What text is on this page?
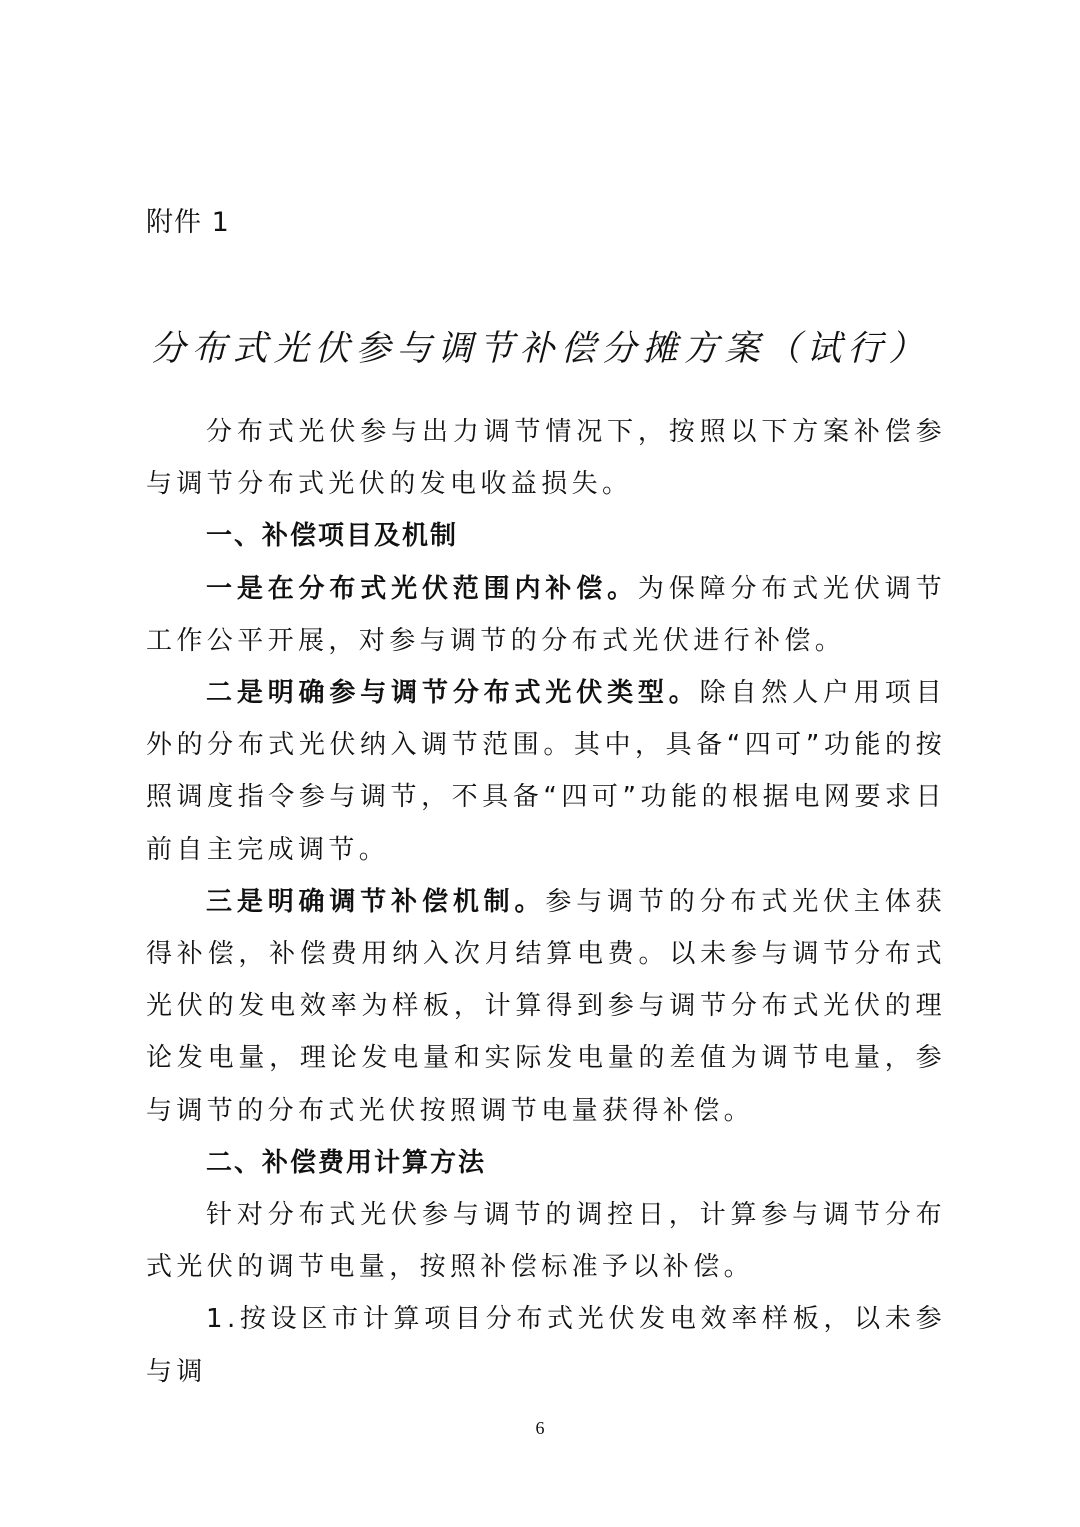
附件 1
分布式光伏参与调节补偿分摊方案（试行）

分布式光伏参与出力调节情况下，按照以下方案补偿参与调节分布式光伏的发电收益损失。

一、补偿项目及机制

一是在分布式光伏范围内补偿。为保障分布式光伏调节工作公平开展，对参与调节的分布式光伏进行补偿。

二是明确参与调节分布式光伏类型。除自然人户用项目外的分布式光伏纳入调节范围。其中，具备“四可”功能的按照调度指令参与调节，不具备“四可”功能的根据电网要求日前自主完成调节。

三是明确调节补偿机制。参与调节的分布式光伏主体获得补偿，补偿费用纳入次月结算电费。以未参与调节分布式光伏的发电效率为样板，计算得到参与调节分布式光伏的理论发电量，理论发电量和实际发电量的差值为调节电量，参与调节的分布式光伏按照调节电量获得补偿。

二、补偿费用计算方法

针对分布式光伏参与调节的调控日，计算参与调节分布式光伏的调节电量，按照补偿标准予以补偿。

1.按设区市计算项目分布式光伏发电效率样板，以未参与调

6
